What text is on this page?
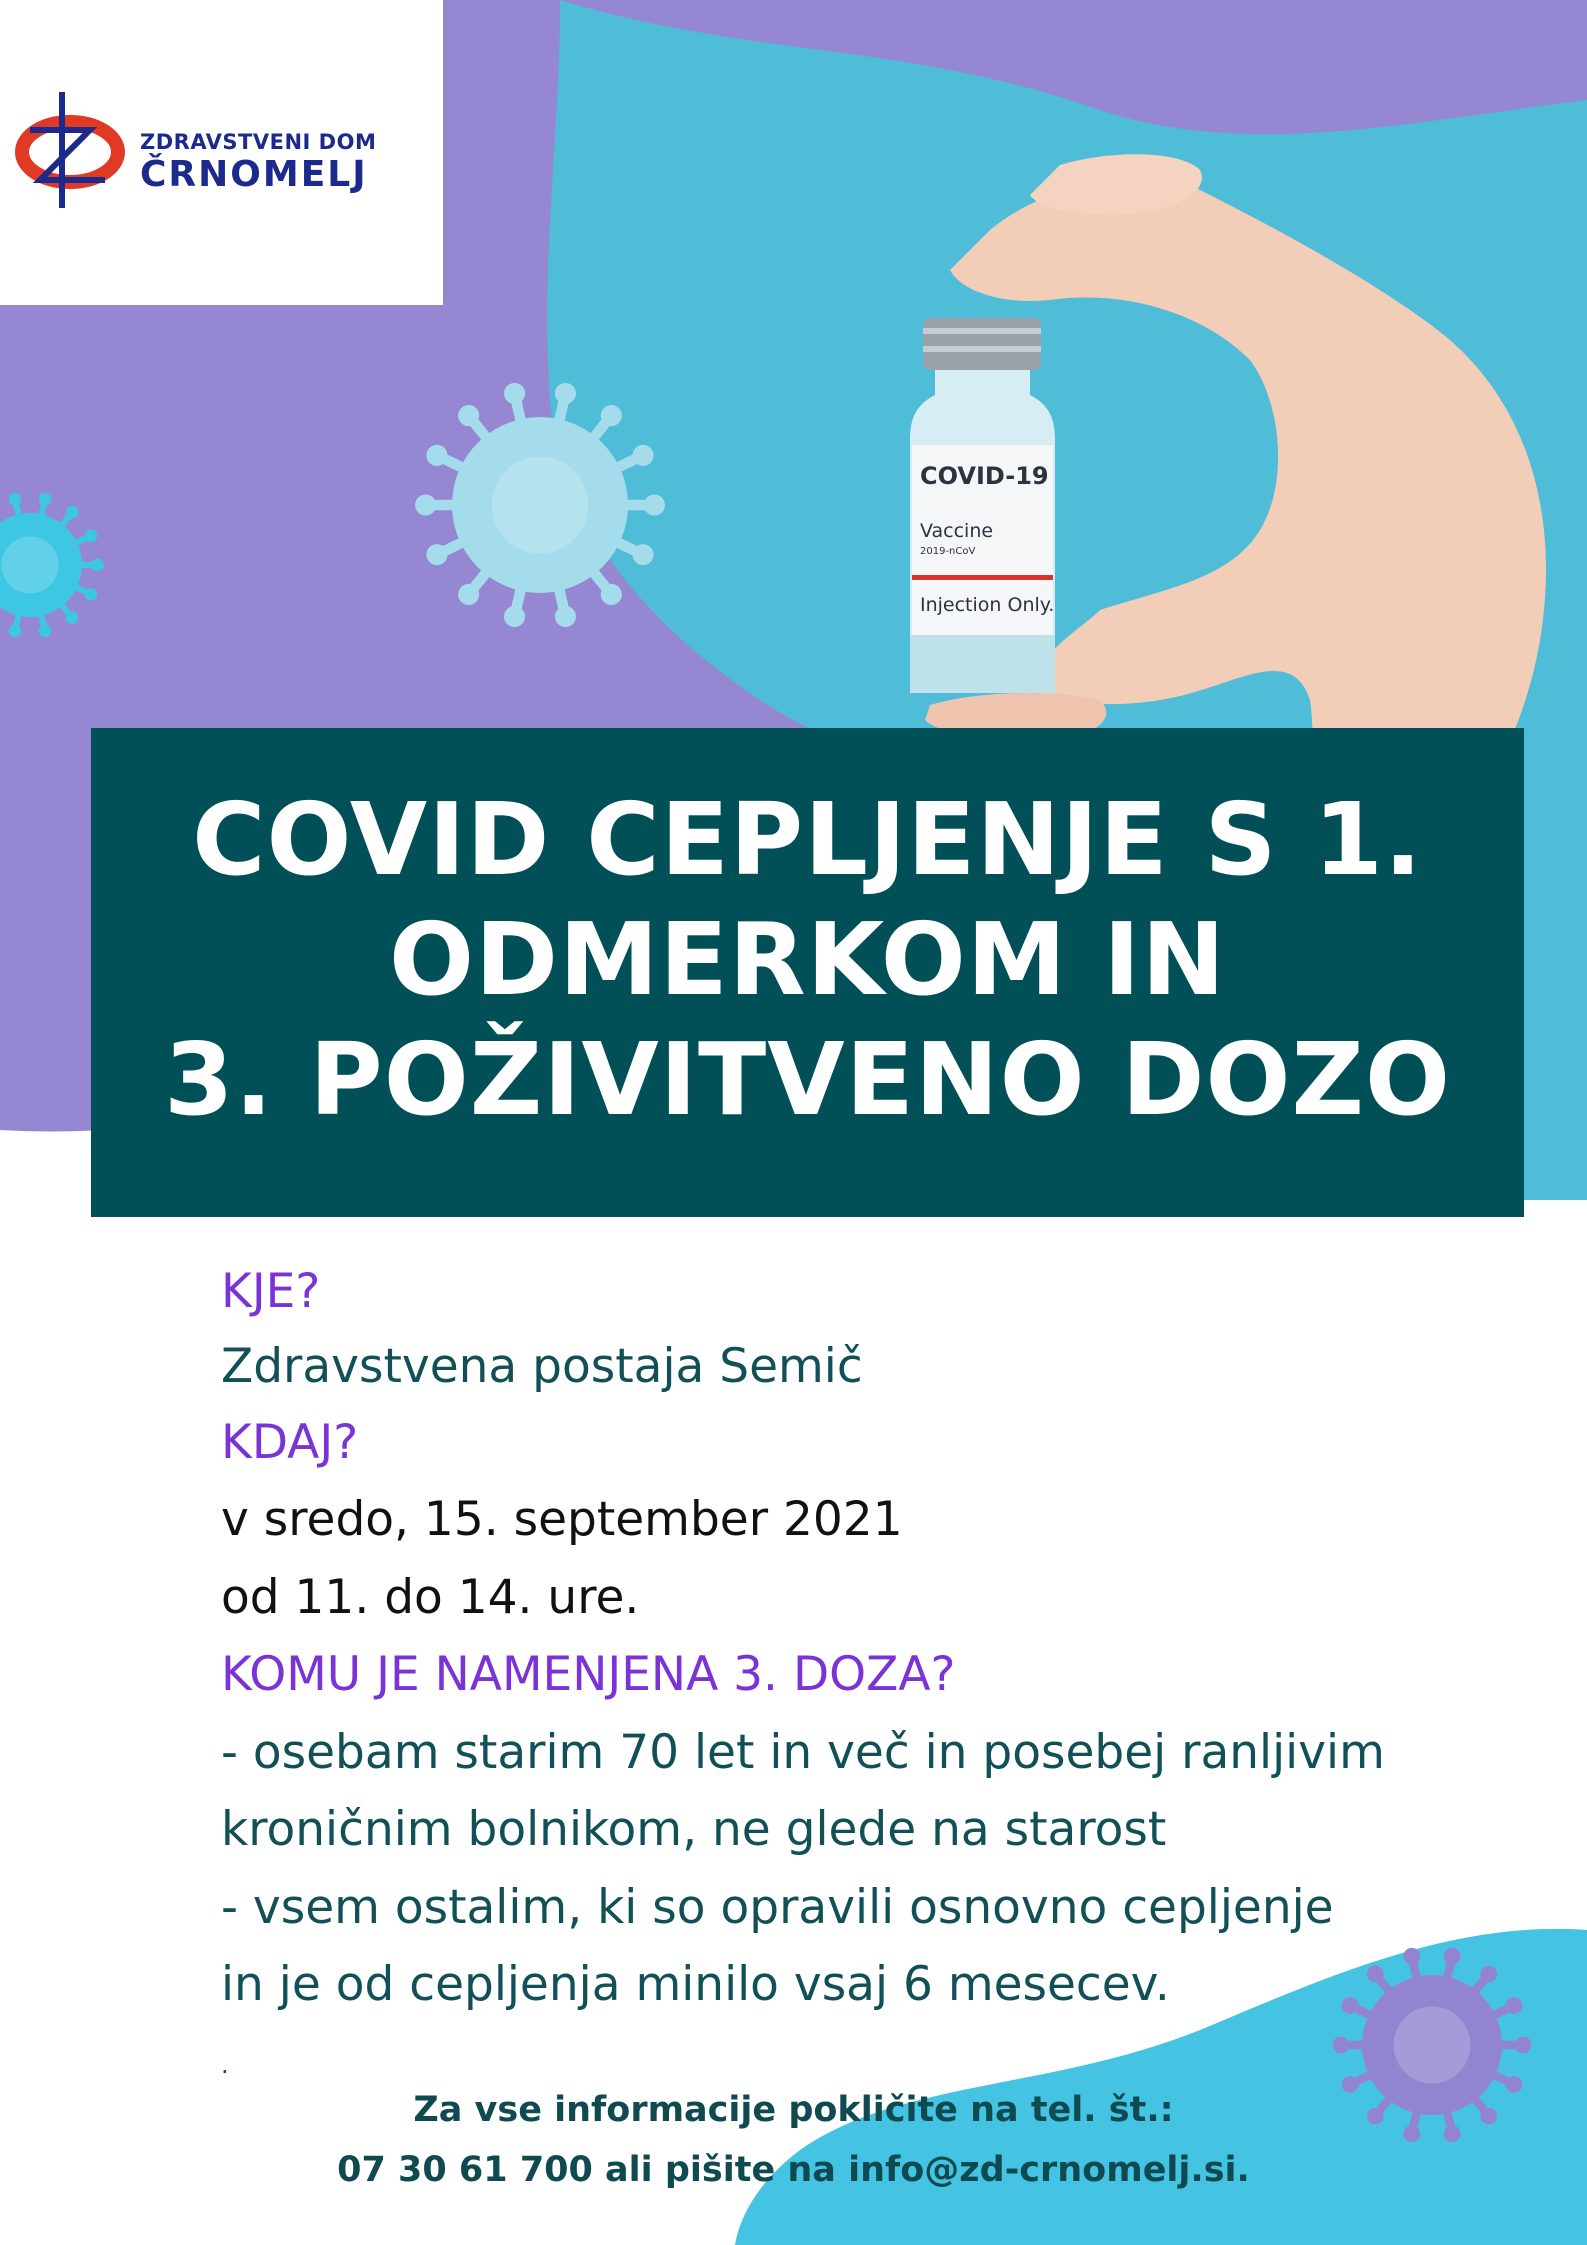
ZDRAVSTVENI DOM
ČRNOMELJ
COVID-19
Vaccine
2019-nCoV
Injection Only.
COVID CEPLJENJE S 1.
ODMERKOM IN
3. POŽIVITVENO DOZO
KJE?
Zdravstvena postaja Semič
KDAJ?
v sredo, 15. september 2021
od 11. do 14. ure.
KOMU JE NAMENJENA 3. DOZA?
- osebam starim 70 let in več in posebej ranljivim
kroničnim bolnikom, ne glede na starost
- vsem ostalim, ki so opravili osnovno cepljenje
in je od cepljenja minilo vsaj 6 mesecev.
.
Za vse informacije pokličite na tel. št.:
07 30 61 700 ali pišite na info@zd-crnomelj.si.
